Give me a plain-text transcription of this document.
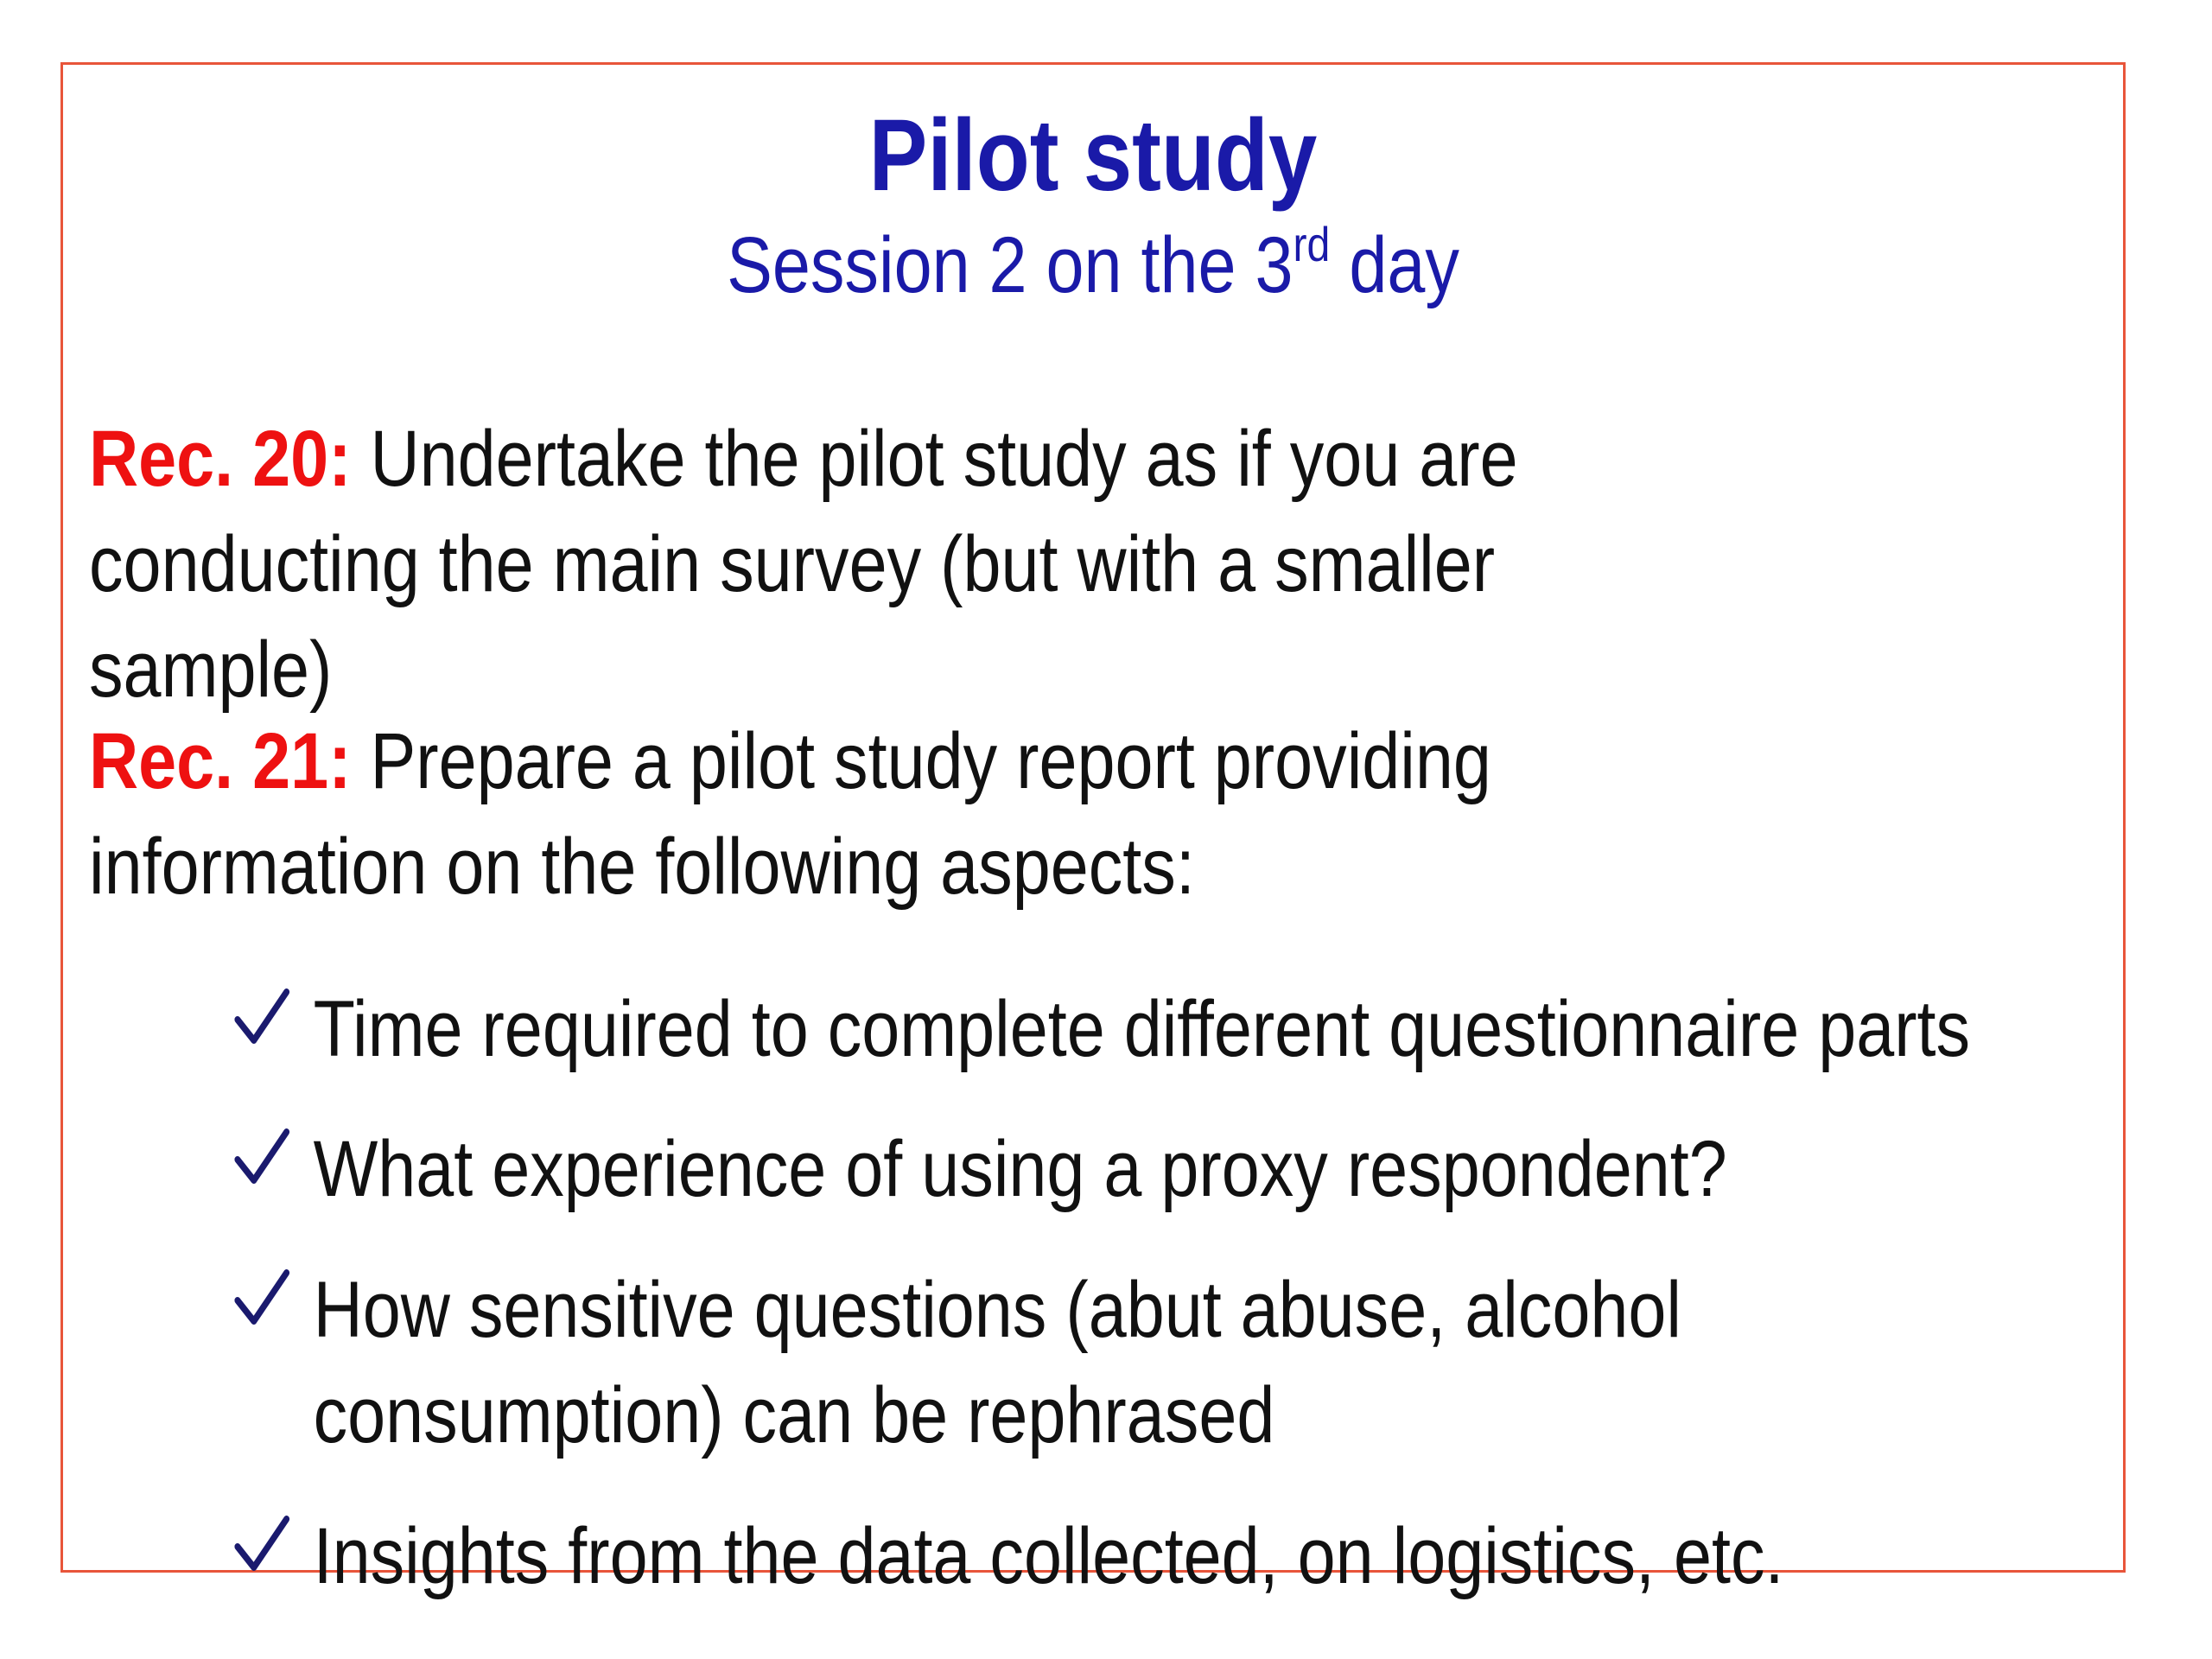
Pilot study
Session 2 on the 3rd day
Rec. 20: Undertake the pilot study as if you are conducting the main survey (but with a smaller sample)
Rec. 21: Prepare a pilot study report providing information on the following aspects:
Time required to complete different questionnaire parts
What experience of using a proxy respondent?
How sensitive questions (abut abuse, alcohol consumption) can be rephrased
Insights from the data collected, on logistics, etc.
